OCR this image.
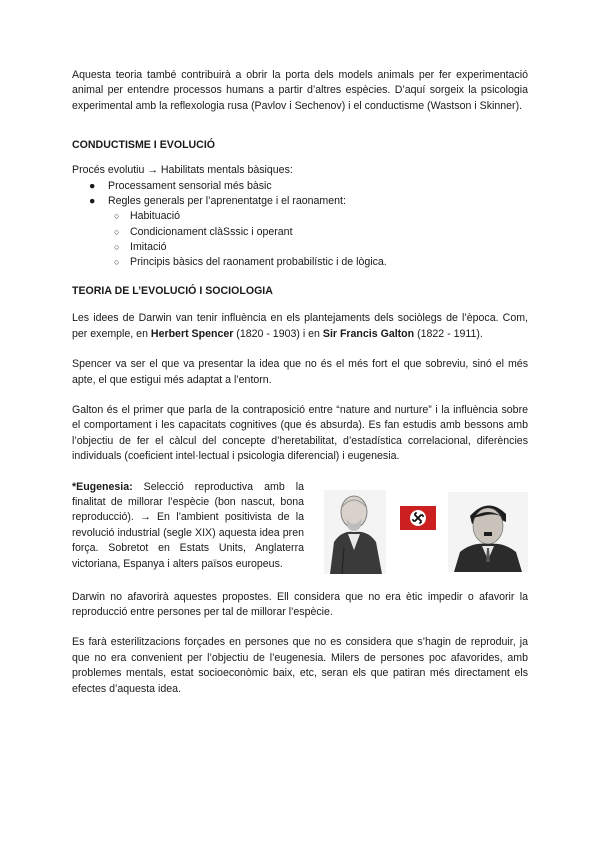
Aquesta teoria també contribuirà a obrir la porta dels models animals per fer experimentació animal per entendre processos humans a partir d’altres espècies. D’aquí sorgeix la psicologia experimental amb la reflexologia rusa (Pavlov i Sechenov) i el conductisme (Wastson i Skinner).

CONDUCTISME I EVOLUCIÓ

Procés evolutiu → Habilitats mentals bàsiques:

● Processament sensorial més bàsic
● Regles generals per l’aprenentatge i el raonament:
○ Habituació
○ Condicionament clàSssic i operant
○ Imitació
○ Principis bàsics del raonament probabilístic i de lògica.
TEORIA DE L’EVOLUCIÓ I SOCIOLOGIA

Les idees de Darwin van tenir influència en els plantejaments dels sociòlegs de l’època. Com, per exemple, en Herbert Spencer (1820 - 1903) i en Sir Francis Galton (1822 - 1911).

Spencer va ser el que va presentar la idea que no és el més fort el que sobreviu, sinó el més apte, el que estigui més adaptat a l’entorn.

Galton és el primer que parla de la contraposició entre “nature and nurture” i la influència sobre el comportament i les capacitats cognitives (que és absurda). Es fan estudis amb bessons amb l’objectiu de fer el càlcul del concepte d’heretabilitat, d’estadística correlacional, diferències individuals (coeficient intel·lectual i psicologia diferencial) i eugenesia.

*Eugenesia: Selecció reproductiva amb la finalitat de millorar l’espècie (bon nascut, bona reproducció). → En l’ambient positivista de la revolució industrial (segle XIX) aquesta idea pren força. Sobretot en Estats Units, Anglaterra victoriana, Espanya i alters països europeus.

Darwin no afavorirà aquestes propostes. Ell considera que no era ètic impedir o afavorir la reproducció entre persones per tal de millorar l’espècie.

Es farà esterilitzacions forçades en persones que no es considera que s’hagin de reproduir, ja que no era convenient per l’objectiu de l’eugenesia. Milers de persones poc afavorides, amb problemes mentals, estat socioeconòmic baix, etc, seran els que patiran més directament els efectes d’aquesta idea.
